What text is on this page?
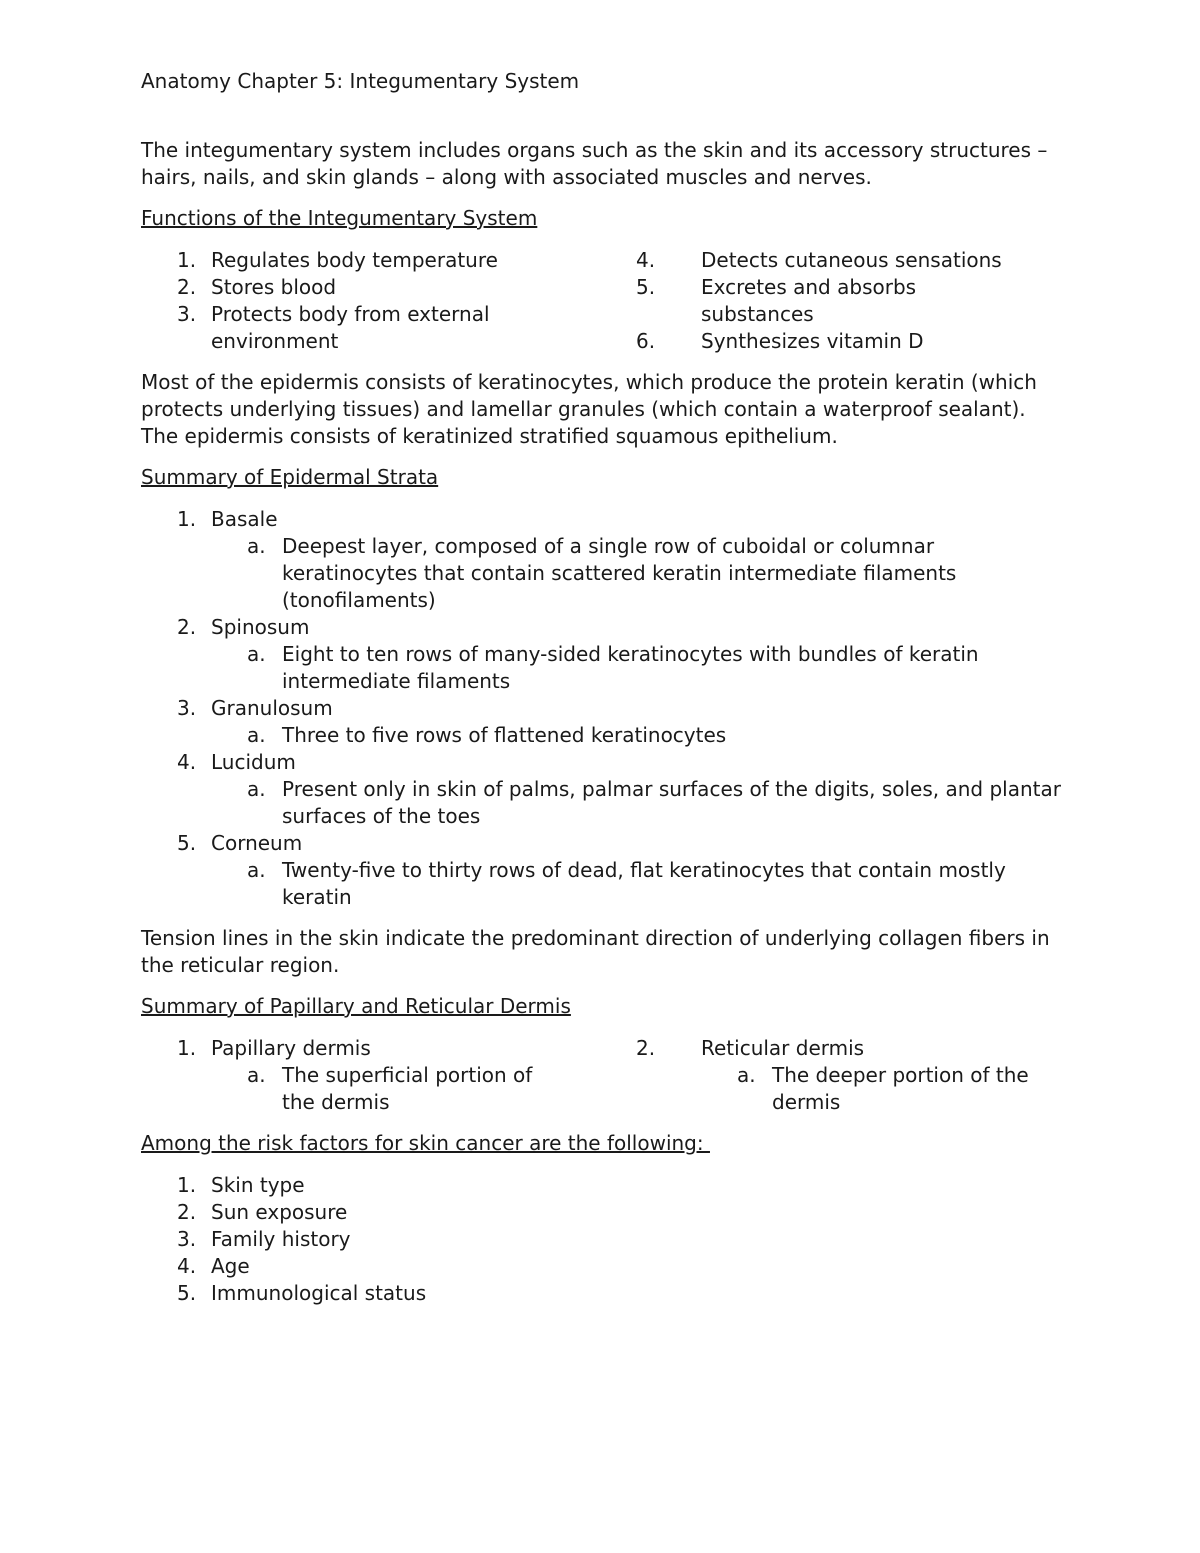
Anatomy Chapter 5: Integumentary System

The integumentary system includes organs such as the skin and its accessory structures – hairs, nails, and skin glands – along with associated muscles and nerves.

Functions of the Integumentary System

1. Regulates body temperature
2. Stores blood
3. Protects body from external environment
4.	Detects cutaneous sensations
5.	Excretes and absorbs substances
6.	Synthesizes vitamin D

Most of the epidermis consists of keratinocytes, which produce the protein keratin (which protects underlying tissues) and lamellar granules (which contain a waterproof sealant). The epidermis consists of keratinized stratified squamous epithelium.

Summary of Epidermal Strata

1. Basale
a. Deepest layer, composed of a single row of cuboidal or columnar keratinocytes that contain scattered keratin intermediate filaments (tonofilaments)
2. Spinosum
a. Eight to ten rows of many-sided keratinocytes with bundles of keratin intermediate filaments
3. Granulosum
a. Three to five rows of flattened keratinocytes
4. Lucidum
a. Present only in skin of palms, palmar surfaces of the digits, soles, and plantar surfaces of the toes
5. Corneum
a. Twenty-five to thirty rows of dead, flat keratinocytes that contain mostly keratin

Tension lines in the skin indicate the predominant direction of underlying collagen fibers in the reticular region.

Summary of Papillary and Reticular Dermis

1. Papillary dermis
a. The superficial portion of the dermis
2.	Reticular dermis
a. The deeper portion of the dermis

Among the risk factors for skin cancer are the following:

1. Skin type
2. Sun exposure
3. Family history
4. Age
5. Immunological status
